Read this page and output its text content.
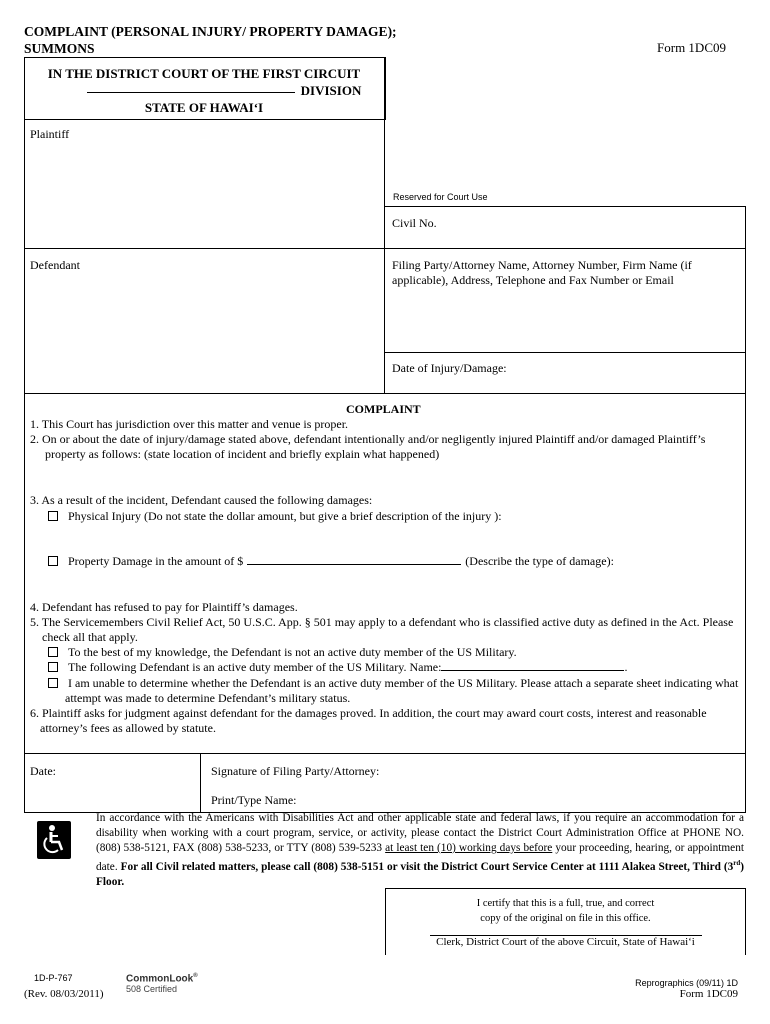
COMPLAINT (PERSONAL INJURY/ PROPERTY DAMAGE);
SUMMONS	Form 1DC09
IN THE DISTRICT COURT OF THE FIRST CIRCUIT
DIVISION
STATE OF HAWAI‘I
Plaintiff
Reserved for Court Use
Civil No.
Defendant	Filing Party/Attorney Name, Attorney Number, Firm Name (if applicable), Address, Telephone and Fax Number or Email
Date of Injury/Damage:
COMPLAINT
1. This Court has jurisdiction over this matter and venue is proper.
2. On or about the date of injury/damage stated above, defendant intentionally and/or negligently injured Plaintiff and/or damaged Plaintiff’s property as follows: (state location of incident and briefly explain what happened)
3. As a result of the incident, Defendant caused the following damages:
Physical Injury (Do not state the dollar amount, but give a brief description of the injury ):
Property Damage in the amount of $	(Describe the type of damage):
4. Defendant has refused to pay for Plaintiff’s damages.
5. The Servicemembers Civil Relief Act, 50 U.S.C. App. § 501 may apply to a defendant who is classified active duty as defined in the Act. Please check all that apply.
To the best of my knowledge, the Defendant is not an active duty member of the US Military.
The following Defendant is an active duty member of the US Military. Name:	.
I am unable to determine whether the Defendant is an active duty member of the US Military. Please attach a separate sheet indicating what attempt was made to determine Defendant’s military status.
6. Plaintiff asks for judgment against defendant for the damages proved. In addition, the court may award court costs, interest and reasonable attorney’s fees as allowed by statute.
Date:	Signature of Filing Party/Attorney:
Print/Type Name:
In accordance with the Americans with Disabilities Act and other applicable state and federal laws, if you require an accommodation for a disability when working with a court program, service, or activity, please contact the District Court Administration Office at PHONE NO. (808) 538-5121, FAX (808) 538-5233, or TTY (808) 539-5233 at least ten (10) working days before your proceeding, hearing, or appointment date. For all Civil related matters, please call (808) 538-5151 or visit the District Court Service Center at 1111 Alakea Street, Third (3rd) Floor.
I certify that this is a full, true, and correct
copy of the original on file in this office.
Clerk, District Court of the above Circuit, State of Hawai‘i
1D-P-767
(Rev. 08/03/2011)
CommonLook®
508 Certified
Reprographics (09/11) 1D
Form 1DC09
